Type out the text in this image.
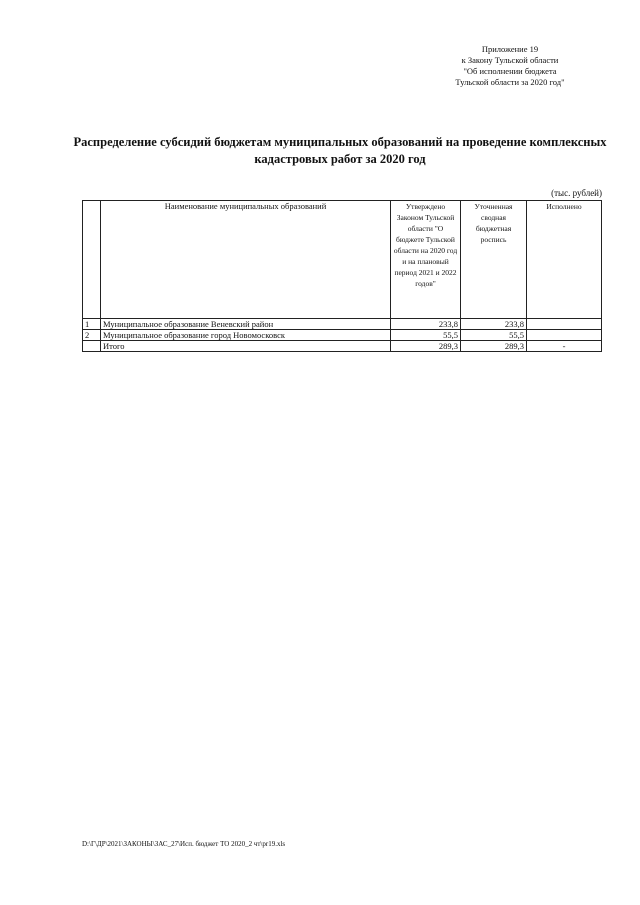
Приложение 19
к Закону Тульской области
"Об исполнении бюджета
Тульской области за 2020 год"
Распределение субсидий бюджетам муниципальных образований на проведение комплексных
кадастровых работ за 2020 год
(тыс. рублей)
	Наименование муниципальных образований	Утверждено Законом Тульской области "О бюджете Тульской области на 2020 год и на плановый период 2021 и 2022 годов"	Уточненная сводная бюджетная роспись	Исполнено
1	Муниципальное образование Веневский район	233,8	233,8	
2	Муниципальное образование город Новомосковск	55,5	55,5	
	Итого	289,3	289,3	-
D:\Г\ДР\2021\ЗАКОНЫ\ЗАС_27\Исп. бюджет ТО 2020_2 чт\pr19.xls
